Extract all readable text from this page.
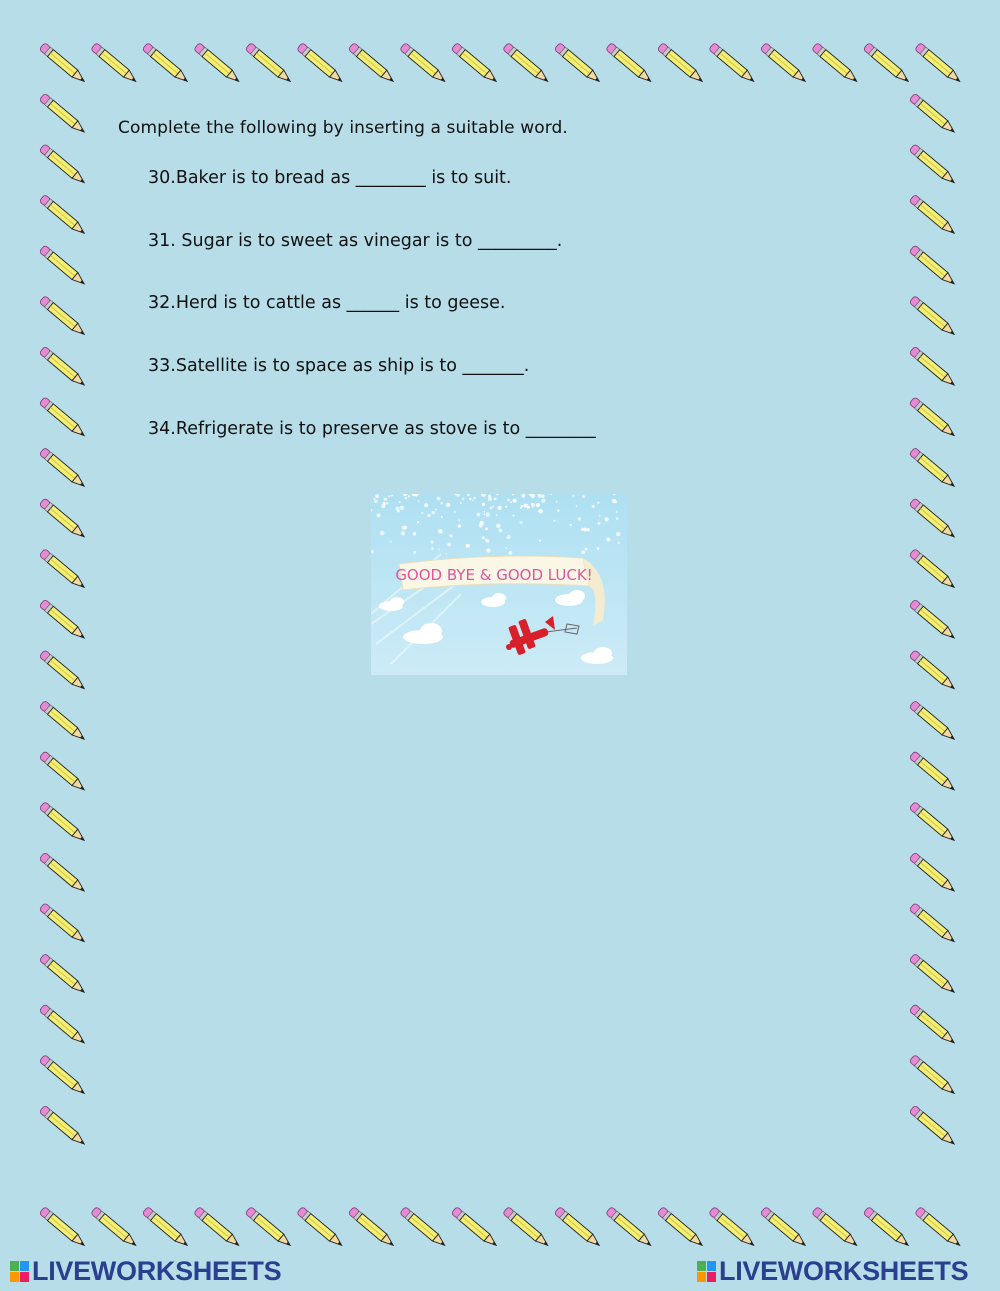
Complete the following by inserting a suitable word.
30.Baker is to bread as ________ is to suit.
31. Sugar is to sweet as vinegar is to _________.
32.Herd is to cattle as ______ is to geese.
33.Satellite is to space as ship is to _______.
34.Refrigerate is to preserve as stove is to ________
GOOD BYE & GOOD LUCK!
LIVEWORKSHEETS	LIVEWORKSHEETS
